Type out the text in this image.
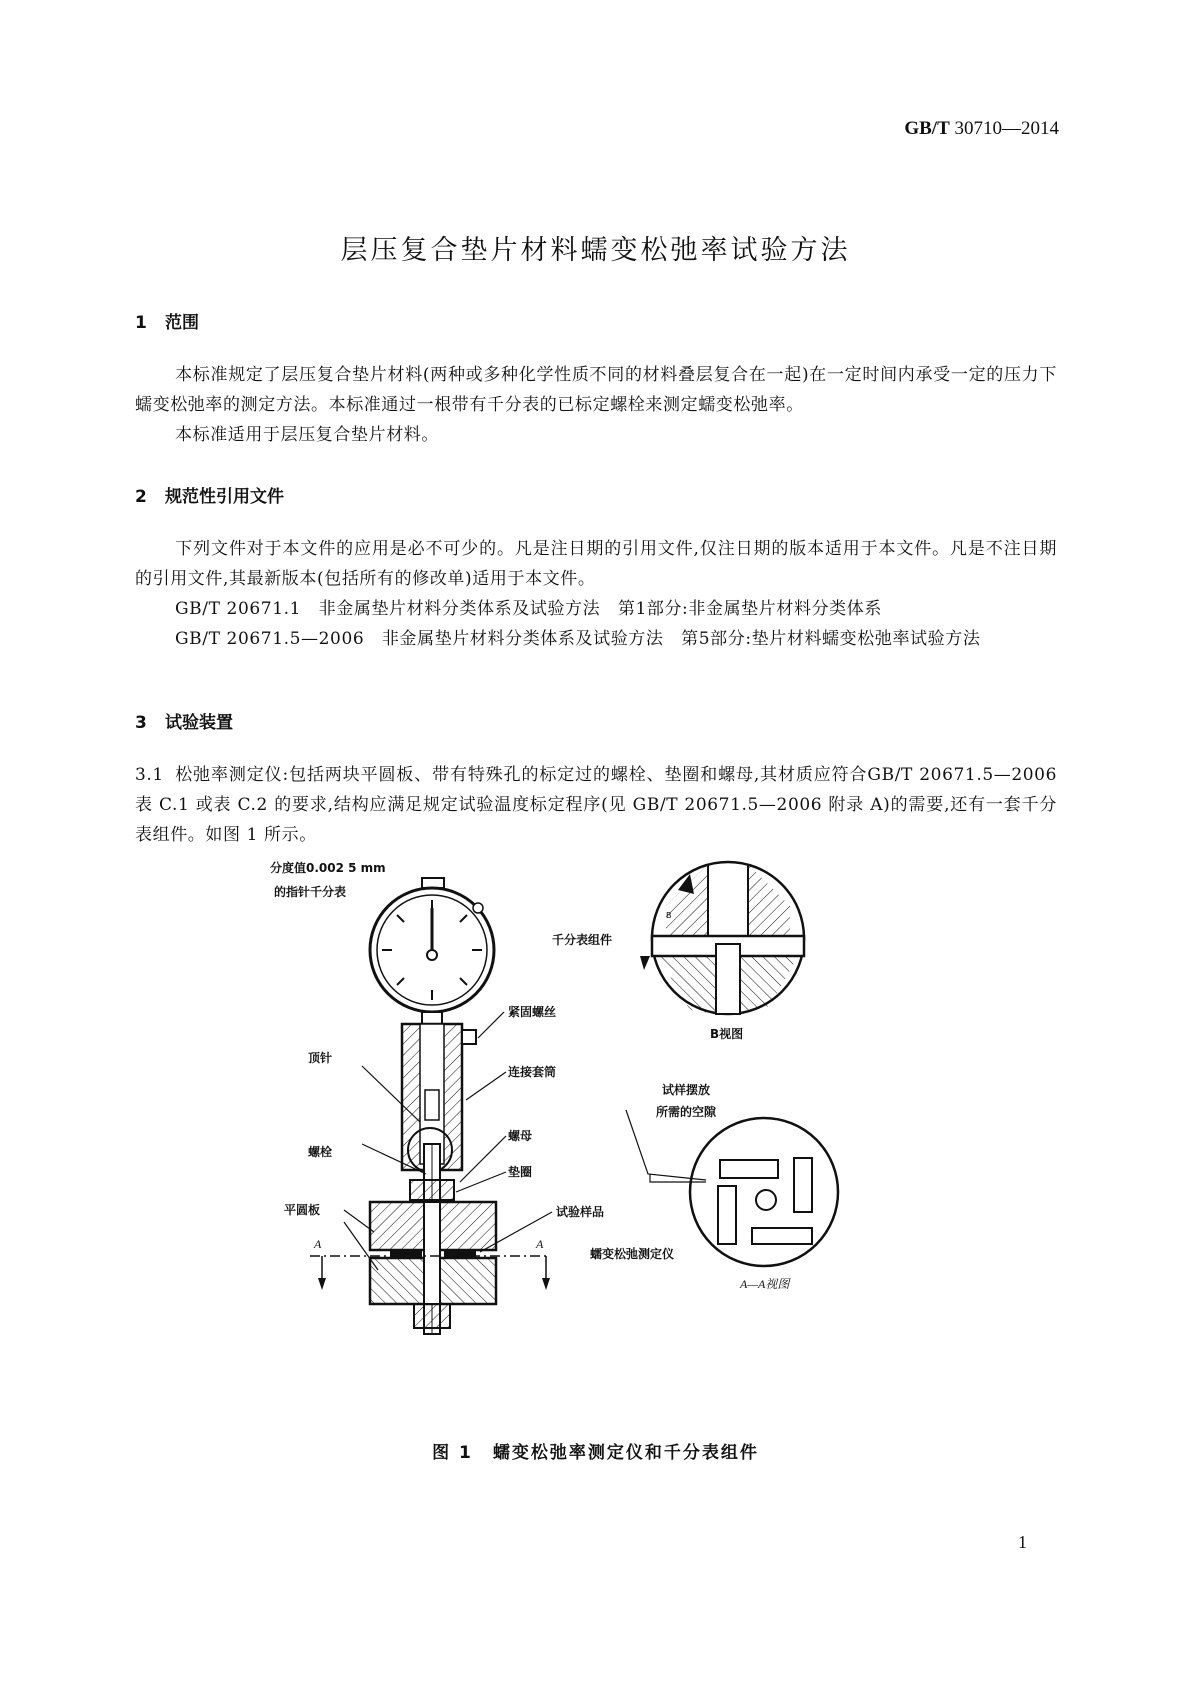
GB/T 30710—2014
层压复合垫片材料蠕变松弛率试验方法
1 范围
本标准规定了层压复合垫片材料(两种或多种化学性质不同的材料叠层复合在一起)在一定时间内承受一定的压力下蠕变松弛率的测定方法。本标准通过一根带有千分表的已标定螺栓来测定蠕变松弛率。
本标准适用于层压复合垫片材料。
2 规范性引用文件
下列文件对于本文件的应用是必不可少的。凡是注日期的引用文件,仅注日期的版本适用于本文件。凡是不注日期的引用文件,其最新版本(包括所有的修改单)适用于本文件。
GB/T 20671.1　非金属垫片材料分类体系及试验方法　第1部分:非金属垫片材料分类体系
GB/T 20671.5—2006　非金属垫片材料分类体系及试验方法　第5部分:垫片材料蠕变松弛率试验方法
3 试验装置
3.1 松弛率测定仪:包括两块平圆板、带有特殊孔的标定过的螺栓、垫圈和螺母,其材质应符合GB/T 20671.5—2006 表 C.1 或表 C.2 的要求,结构应满足规定试验温度标定程序(见 GB/T 20671.5—2006 附录 A)的需要,还有一套千分表组件。如图 1 所示。
分度值0.002 5 mm
的指针千分表
紧固螺丝
顶针
连接套筒
螺母
螺栓
垫圈
平圆板	试验样品
A	A
千分表组件
B
B视图
试样摆放
所需的空隙
蠕变松弛测定仪
A—A视图
图 1 蠕变松弛率测定仪和千分表组件
1
